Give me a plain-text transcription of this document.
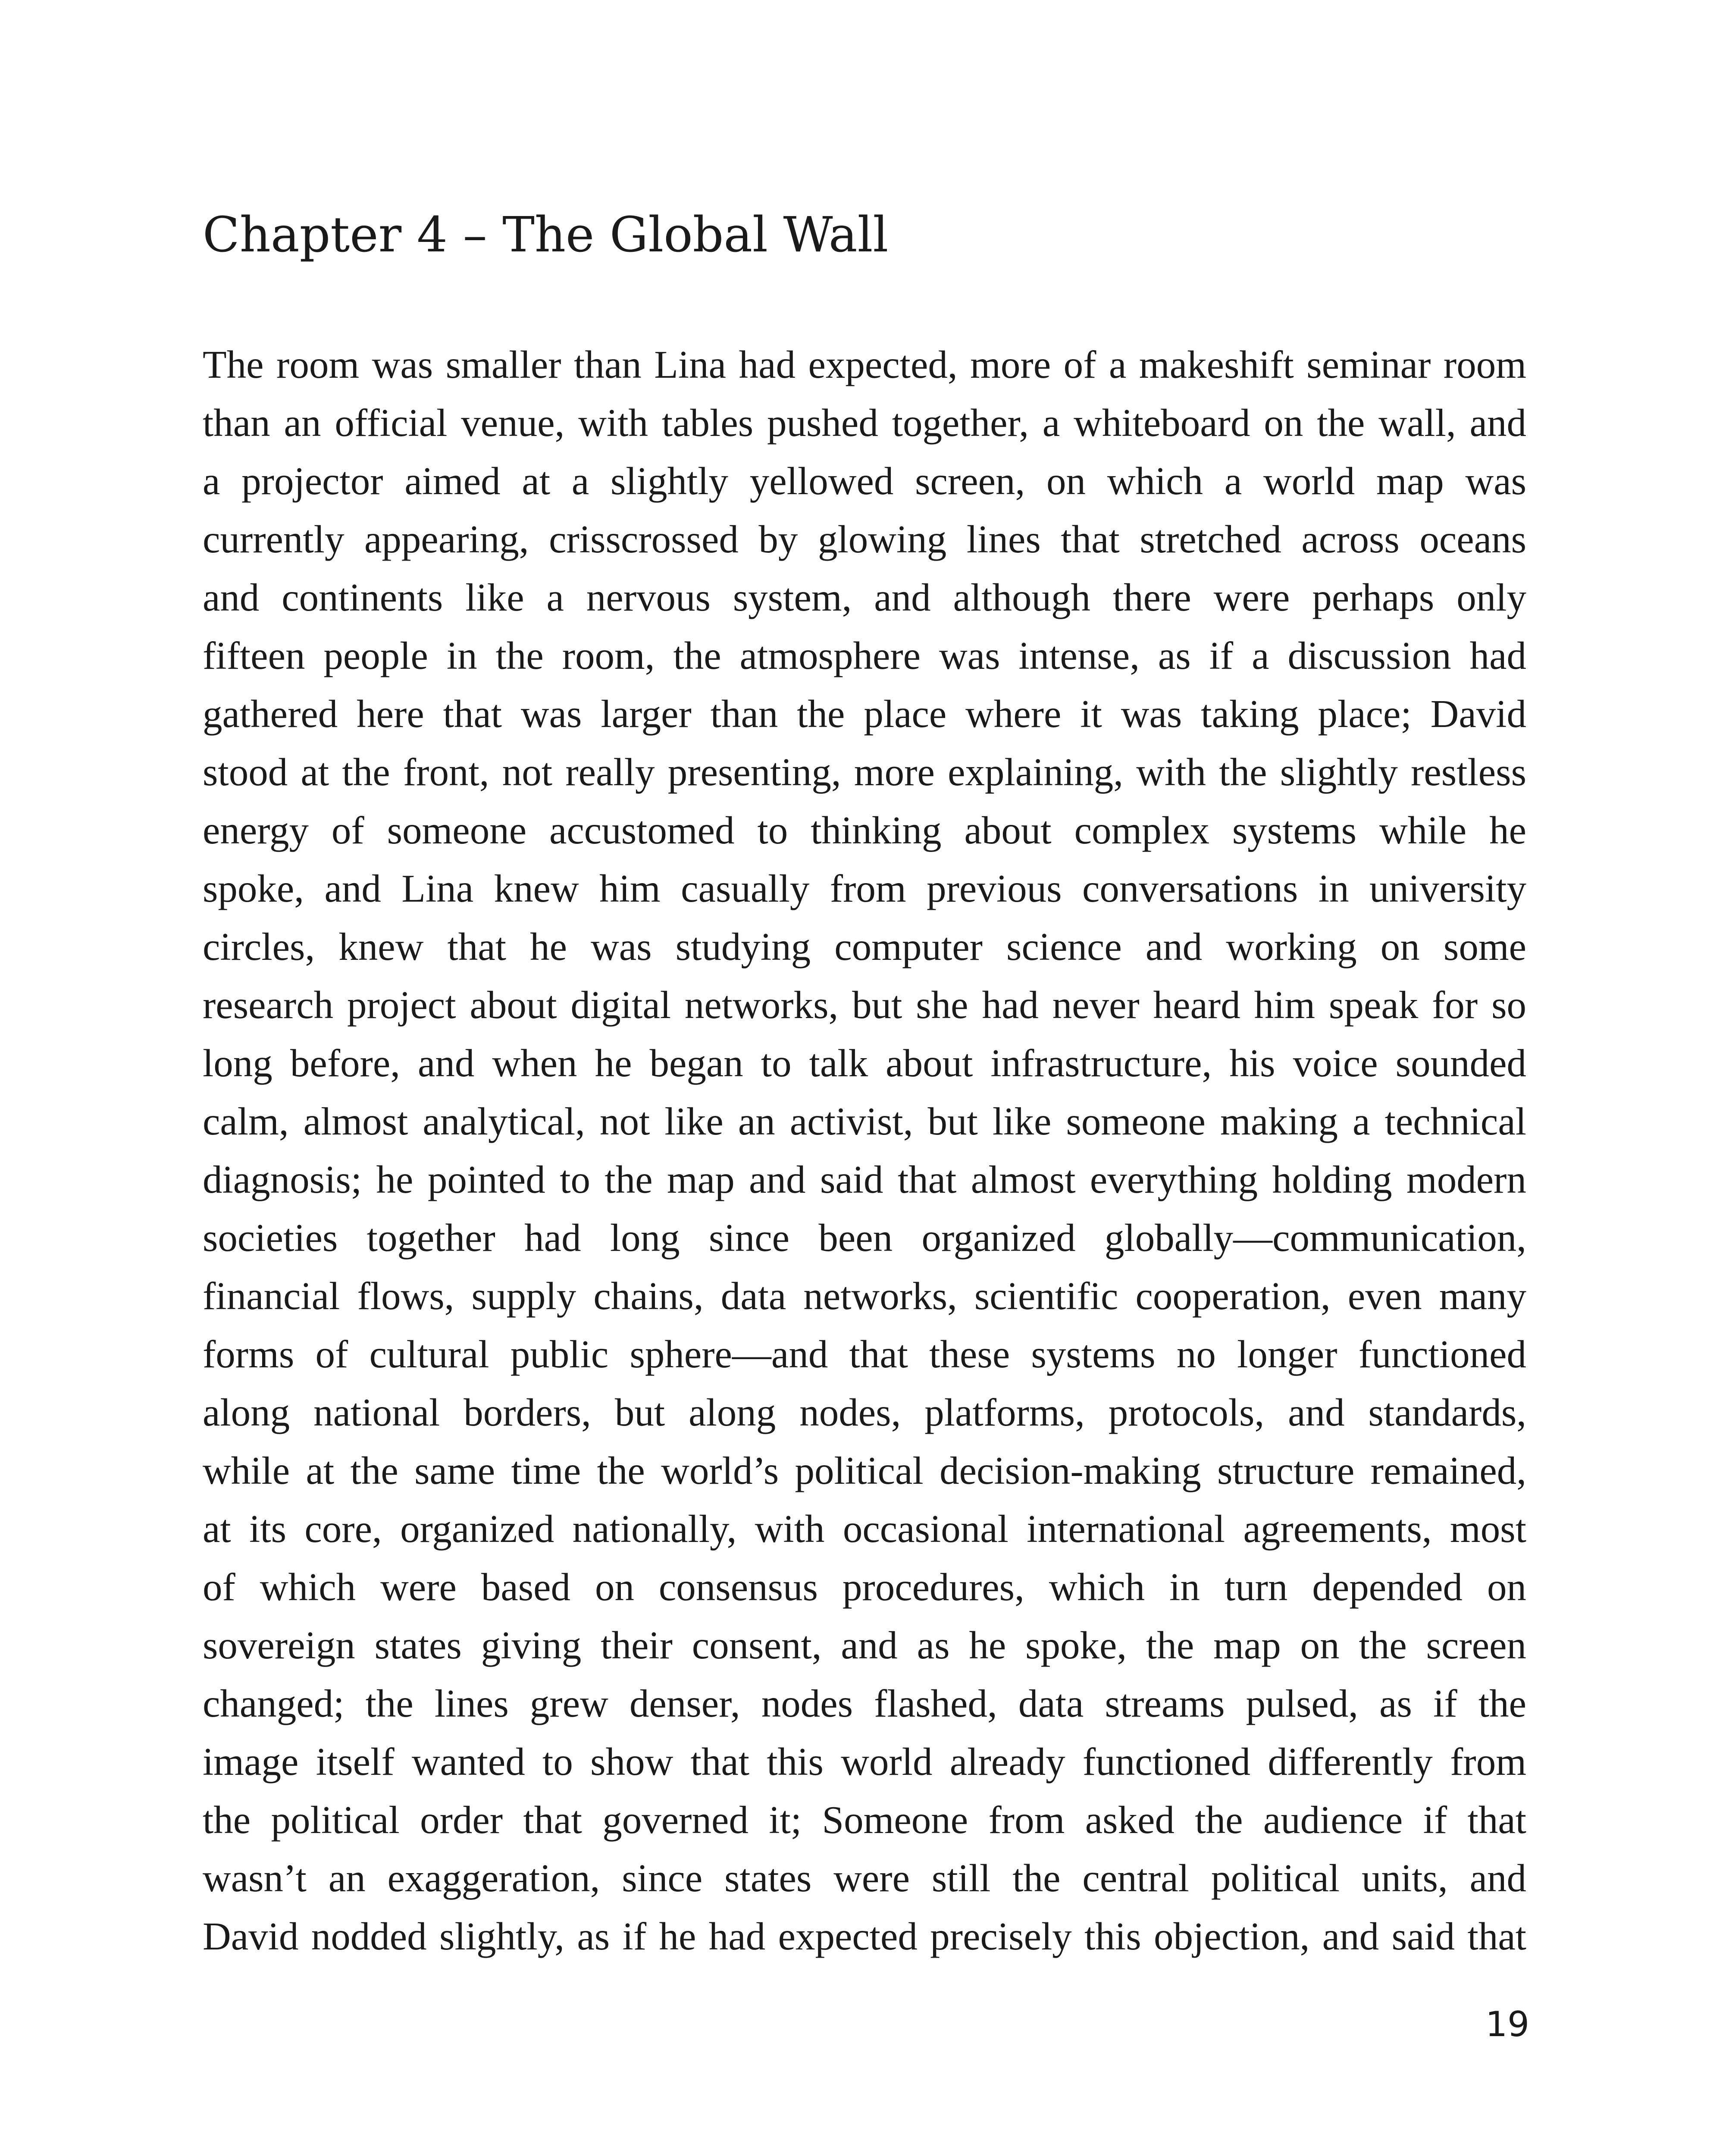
Chapter 4 – The Global Wall
The room was smaller than Lina had expected, more of a makeshift seminar room
than an official venue, with tables pushed together, a whiteboard on the wall, and
a projector aimed at a slightly yellowed screen, on which a world map was
currently appearing, crisscrossed by glowing lines that stretched across oceans
and continents like a nervous system, and although there were perhaps only
fifteen people in the room, the atmosphere was intense, as if a discussion had
gathered here that was larger than the place where it was taking place; David
stood at the front, not really presenting, more explaining, with the slightly restless
energy of someone accustomed to thinking about complex systems while he
spoke, and Lina knew him casually from previous conversations in university
circles, knew that he was studying computer science and working on some
research project about digital networks, but she had never heard him speak for so
long before, and when he began to talk about infrastructure, his voice sounded
calm, almost analytical, not like an activist, but like someone making a technical
diagnosis; he pointed to the map and said that almost everything holding modern
societies together had long since been organized globally—communication,
financial flows, supply chains, data networks, scientific cooperation, even many
forms of cultural public sphere—and that these systems no longer functioned
along national borders, but along nodes, platforms, protocols, and standards,
while at the same time the world’s political decision-making structure remained,
at its core, organized nationally, with occasional international agreements, most
of which were based on consensus procedures, which in turn depended on
sovereign states giving their consent, and as he spoke, the map on the screen
changed; the lines grew denser, nodes flashed, data streams pulsed, as if the
image itself wanted to show that this world already functioned differently from
the political order that governed it; Someone from asked the audience if that
wasn’t an exaggeration, since states were still the central political units, and
David nodded slightly, as if he had expected precisely this objection, and said that
19
